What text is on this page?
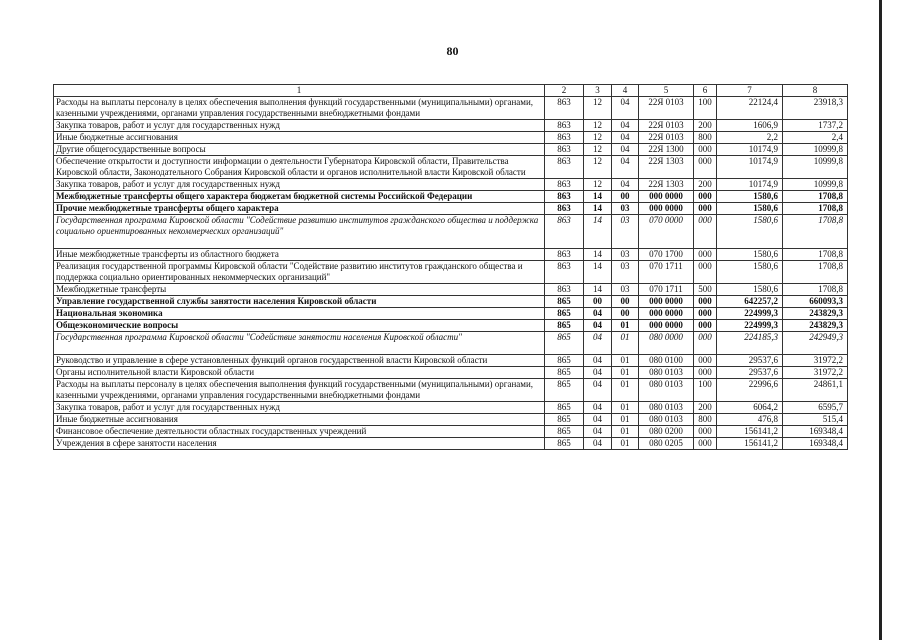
80
1	2	3	4	5	6	7	8
Расходы на выплаты персоналу в целях обеспечения выполнения функций государственными (муниципальными) органами, казенными учреждениями, органами управления государственными внебюджетными фондами	863	12	04	22Я 0103	100	22124,4	23918,3
Закупка товаров, работ и услуг для государственных нужд	863	12	04	22Я 0103	200	1606,9	1737,2
Иные бюджетные ассигнования	863	12	04	22Я 0103	800	2,2	2,4
Другие общегосударственные вопросы	863	12	04	22Я 1300	000	10174,9	10999,8
Обеспечение открытости и доступности информации о деятельности Губернатора Кировской области, Правительства Кировской области, Законодательного Собрания Кировской области и органов исполнительной власти Кировской области	863	12	04	22Я 1303	000	10174,9	10999,8
Закупка товаров, работ и услуг для государственных нужд	863	12	04	22Я 1303	200	10174,9	10999,8
Межбюджетные трансферты общего характера бюджетам бюджетной системы Российской Федерации	863	14	00	000 0000	000	1580,6	1708,8
Прочие межбюджетные трансферты общего характера	863	14	03	000 0000	000	1580,6	1708,8
Государственная программа Кировской области "Содействие развитию институтов гражданского общества и поддержка социально ориентированных некоммерческих организаций"	863	14	03	070 0000	000	1580,6	1708,8
Иные межбюджетные трансферты из областного бюджета	863	14	03	070 1700	000	1580,6	1708,8
Реализация государственной программы Кировской области "Содействие развитию институтов гражданского общества и поддержка социально ориентированных некоммерческих организаций"	863	14	03	070 1711	000	1580,6	1708,8
Межбюджетные трансферты	863	14	03	070 1711	500	1580,6	1708,8
Управление государственной службы занятости населения Кировской области	865	00	00	000 0000	000	642257,2	660093,3
Национальная экономика	865	04	00	000 0000	000	224999,3	243829,3
Общеэкономические вопросы	865	04	01	000 0000	000	224999,3	243829,3
Государственная программа Кировской области "Содействие занятости населения Кировской области"	865	04	01	080 0000	000	224185,3	242949,3
Руководство и управление в сфере установленных функций органов государственной власти Кировской области	865	04	01	080 0100	000	29537,6	31972,2
Органы исполнительной власти Кировской области	865	04	01	080 0103	000	29537,6	31972,2
Расходы на выплаты персоналу в целях обеспечения выполнения функций государственными (муниципальными) органами, казенными учреждениями, органами управления государственными внебюджетными фондами	865	04	01	080 0103	100	22996,6	24861,1
Закупка товаров, работ и услуг для государственных нужд	865	04	01	080 0103	200	6064,2	6595,7
Иные бюджетные ассигнования	865	04	01	080 0103	800	476,8	515,4
Финансовое обеспечение деятельности областных государственных учреждений	865	04	01	080 0200	000	156141,2	169348,4
Учреждения в сфере занятости населения	865	04	01	080 0205	000	156141,2	169348,4
